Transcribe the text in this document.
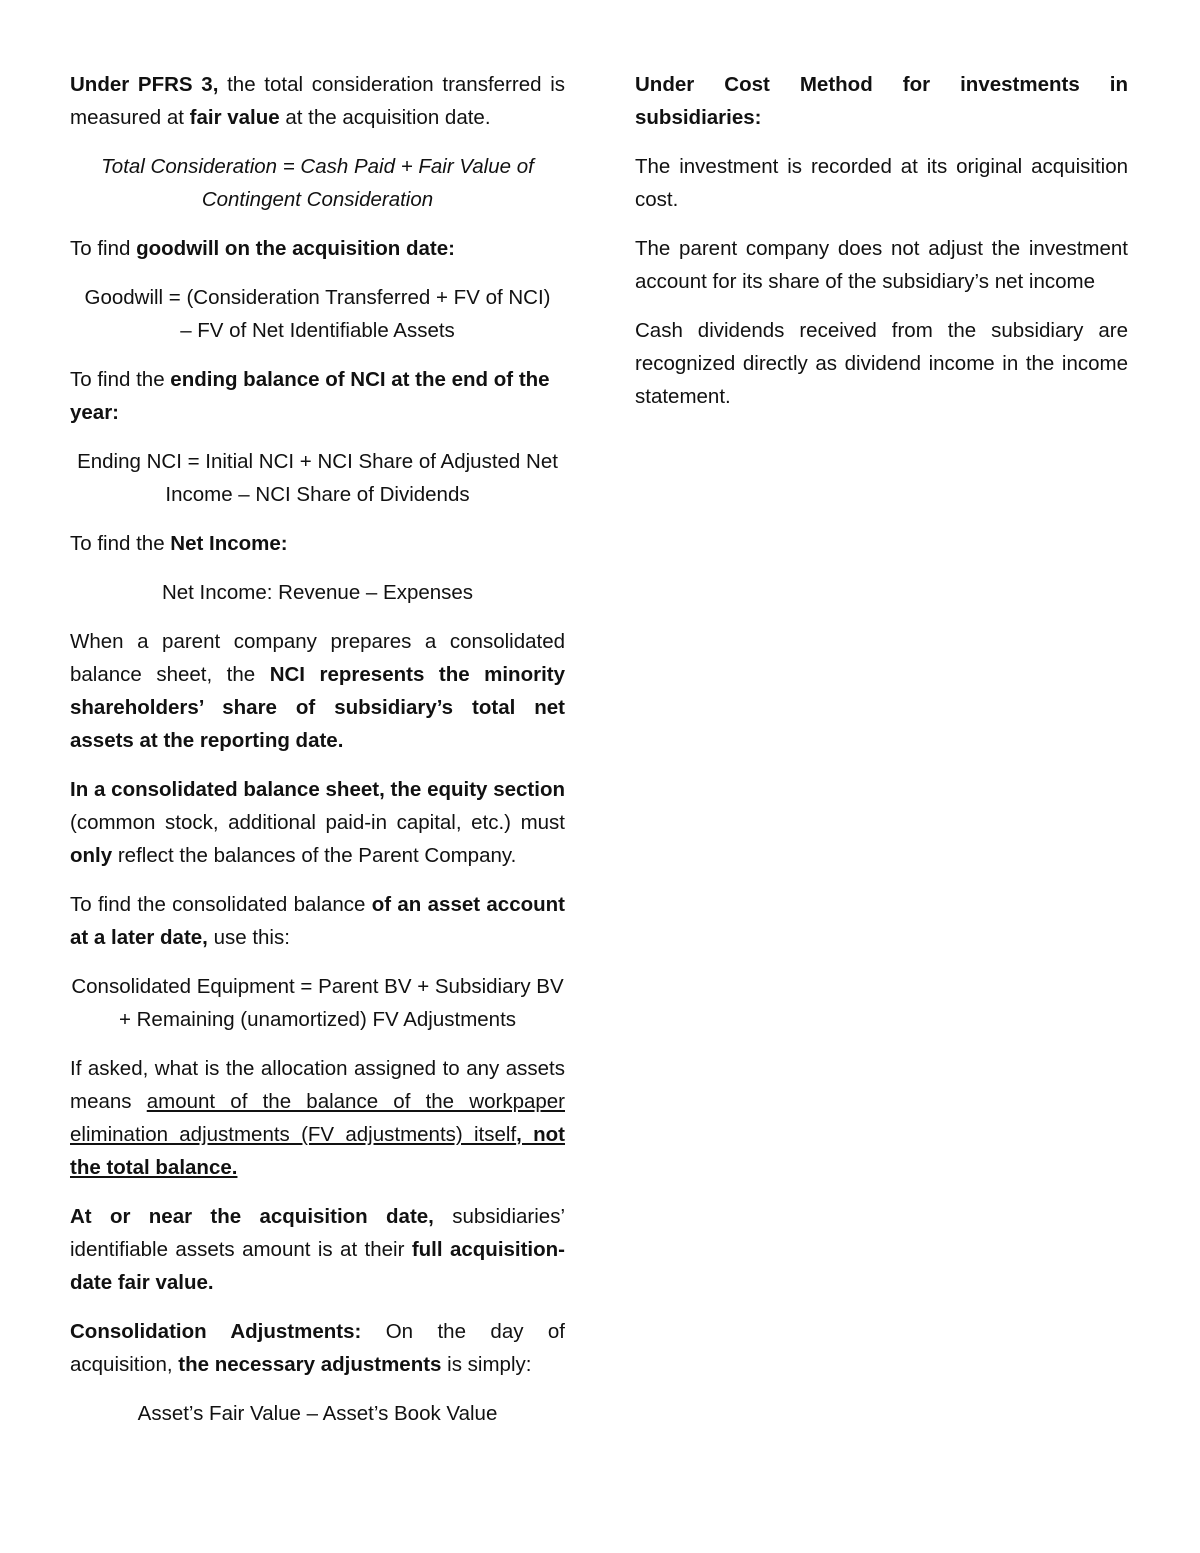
Under PFRS 3, the total consideration transferred is measured at fair value at the acquisition date.

Total Consideration = Cash Paid + Fair Value of Contingent Consideration

To find goodwill on the acquisition date:

Goodwill = (Consideration Transferred + FV of NCI)
– FV of Net Identifiable Assets

To find the ending balance of NCI at the end of the year:

Ending NCI = Initial NCI + NCI Share of Adjusted Net Income – NCI Share of Dividends

To find the Net Income:

Net Income: Revenue – Expenses

When a parent company prepares a consolidated balance sheet, the NCI represents the minority shareholders’ share of subsidiary’s total net assets at the reporting date.

In a consolidated balance sheet, the equity section (common stock, additional paid-in capital, etc.) must only reflect the balances of the Parent Company.

To find the consolidated balance of an asset account at a later date, use this:

Consolidated Equipment = Parent BV + Subsidiary BV + Remaining (unamortized) FV Adjustments

If asked, what is the allocation assigned to any assets means amount of the balance of the workpaper elimination adjustments (FV adjustments) itself, not the total balance.

At or near the acquisition date, subsidiaries’ identifiable assets amount is at their full acquisition-date fair value.

Consolidation Adjustments: On the day of acquisition, the necessary adjustments is simply:

Asset’s Fair Value – Asset’s Book Value

Under Cost Method for investments in subsidiaries:

The investment is recorded at its original acquisition cost.

The parent company does not adjust the investment account for its share of the subsidiary’s net income

Cash dividends received from the subsidiary are recognized directly as dividend income in the income statement.
